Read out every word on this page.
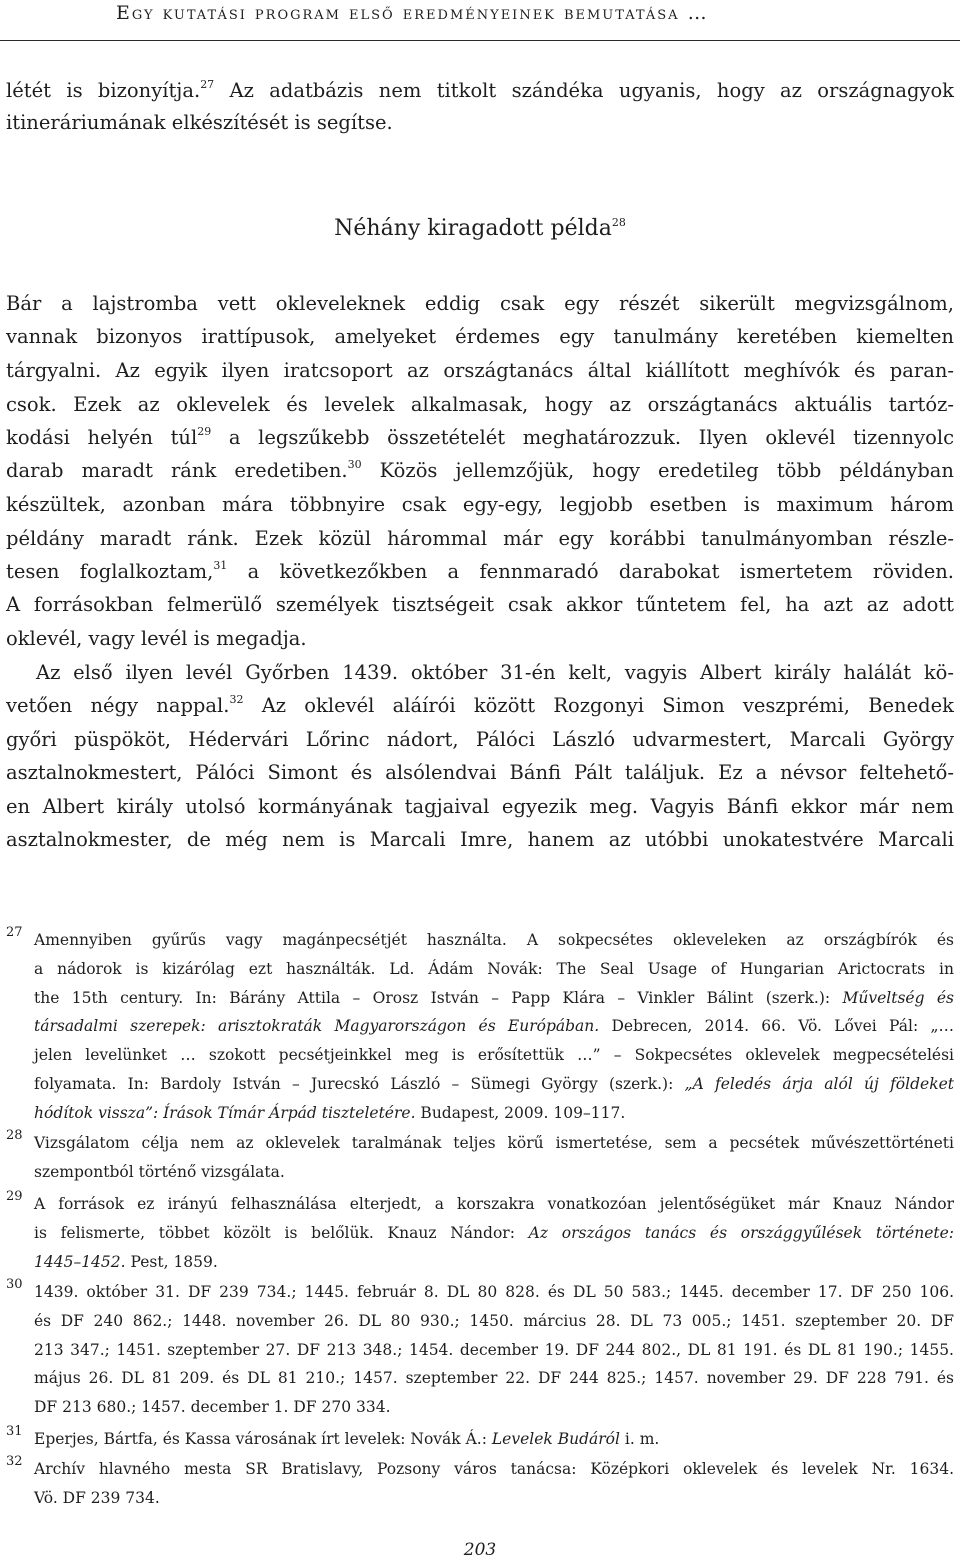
Egy kutatási program első eredményeinek bemutatása …
létét is bizonyítja.$^{27}$ Az adatbázis nem titkolt szándéka ugyanis, hogy az országnagyok
itineráriumának elkészítését is segítse.
Bár a lajstromba vett okleveleknek eddig csak egy részét sikerült megvizsgálnom,
vannak bizonyos irattípusok, amelyeket érdemes egy tanulmány keretében kiemelten
tárgyalni. Az egyik ilyen iratcsoport az országtanács által kiállított meghívók és paran-
csok. Ezek az oklevelek és levelek alkalmasak, hogy az országtanács aktuális tartóz-
kodási helyén túl$^{29}$ a legszűkebb összetételét meghatározzuk. Ilyen oklevél tizennyolc
darab maradt ránk eredetiben.$^{30}$ Közös jellemzőjük, hogy eredetileg több példányban
készültek, azonban mára többnyire csak egy-egy, legjobb esetben is maximum három
példány maradt ránk. Ezek közül hárommal már egy korábbi tanulmányomban részle-
tesen foglalkoztam,$^{31}$ a következőkben a fennmaradó darabokat ismertetem röviden.
A forrásokban felmerülő személyek tisztségeit csak akkor tűntetem fel, ha azt az adott
oklevél, vagy levél is megadja.
Az első ilyen levél Győrben 1439. október 31-én kelt, vagyis Albert király halálát kö-
vetően négy nappal.$^{32}$ Az oklevél aláírói között Rozgonyi Simon veszprémi, Benedek
győri püspököt, Hédervári Lőrinc nádort, Pálóci László udvarmestert, Marcali György
asztalnokmestert, Pálóci Simont és alsólendvai Bánfi Pált találjuk. Ez a névsor feltehető-
en Albert király utolsó kormányának tagjaival egyezik meg. Vagyis Bánfi ekkor már nem
asztalnokmester, de még nem is Marcali Imre, hanem az utóbbi unokatestvére Marcali
Néhány kiragadott példa$^{28}$
27 Amennyiben gyűrűs vagy magánpecsétjét használta. A sokpecsétes okleveleken az országbírók és
a nádorok is kizárólag ezt használták. Ld. Ádám Novák: The Seal Usage of Hungarian Arictocrats in
the 15th century. In: Bárány Attila – Orosz István – Papp Klára – Vinkler Bálint (szerk.): Műveltség és
társadalmi szerepek: arisztokraták Magyarországon és Európában. Debrecen, 2014. 66. Vö. Lővei Pál: „…
jelen levelünket … szokott pecsétjeinkkel meg is erősítettük …” – Sokpecsétes oklevelek megpecsételési
folyamata. In: Bardoly István – Jurecskó László – Sümegi György (szerk.): „A feledés árja alól új földeket
hódítok vissza”: Írások Tímár Árpád tiszteletére. Budapest, 2009. 109–117.
28 Vizsgálatom célja nem az oklevelek taralmának teljes körű ismertetése, sem a pecsétek művészettörténeti
szempontból történő vizsgálata.
29 A források ez irányú felhasználása elterjedt, a korszakra vonatkozóan jelentőségüket már Knauz Nándor
is felismerte, többet közölt is belőlük. Knauz Nándor: Az országos tanács és országgyűlések története:
1445–1452. Pest, 1859.
30 1439. október 31. DF 239 734.; 1445. február 8. DL 80 828. és DL 50 583.; 1445. december 17. DF 250 106.
és DF 240 862.; 1448. november 26. DL 80 930.; 1450. március 28. DL 73 005.; 1451. szeptember 20. DF
213 347.; 1451. szeptember 27. DF 213 348.; 1454. december 19. DF 244 802., DL 81 191. és DL 81 190.; 1455.
május 26. DL 81 209. és DL 81 210.; 1457. szeptember 22. DF 244 825.; 1457. november 29. DF 228 791. és
DF 213 680.; 1457. december 1. DF 270 334.
31 Eperjes, Bártfa, és Kassa városának írt levelek: Novák Á.: Levelek Budáról i. m.
32 Archív hlavného mesta SR Bratislavy, Pozsony város tanácsa: Középkori oklevelek és levelek Nr. 1634.
Vö. DF 239 734.
203
